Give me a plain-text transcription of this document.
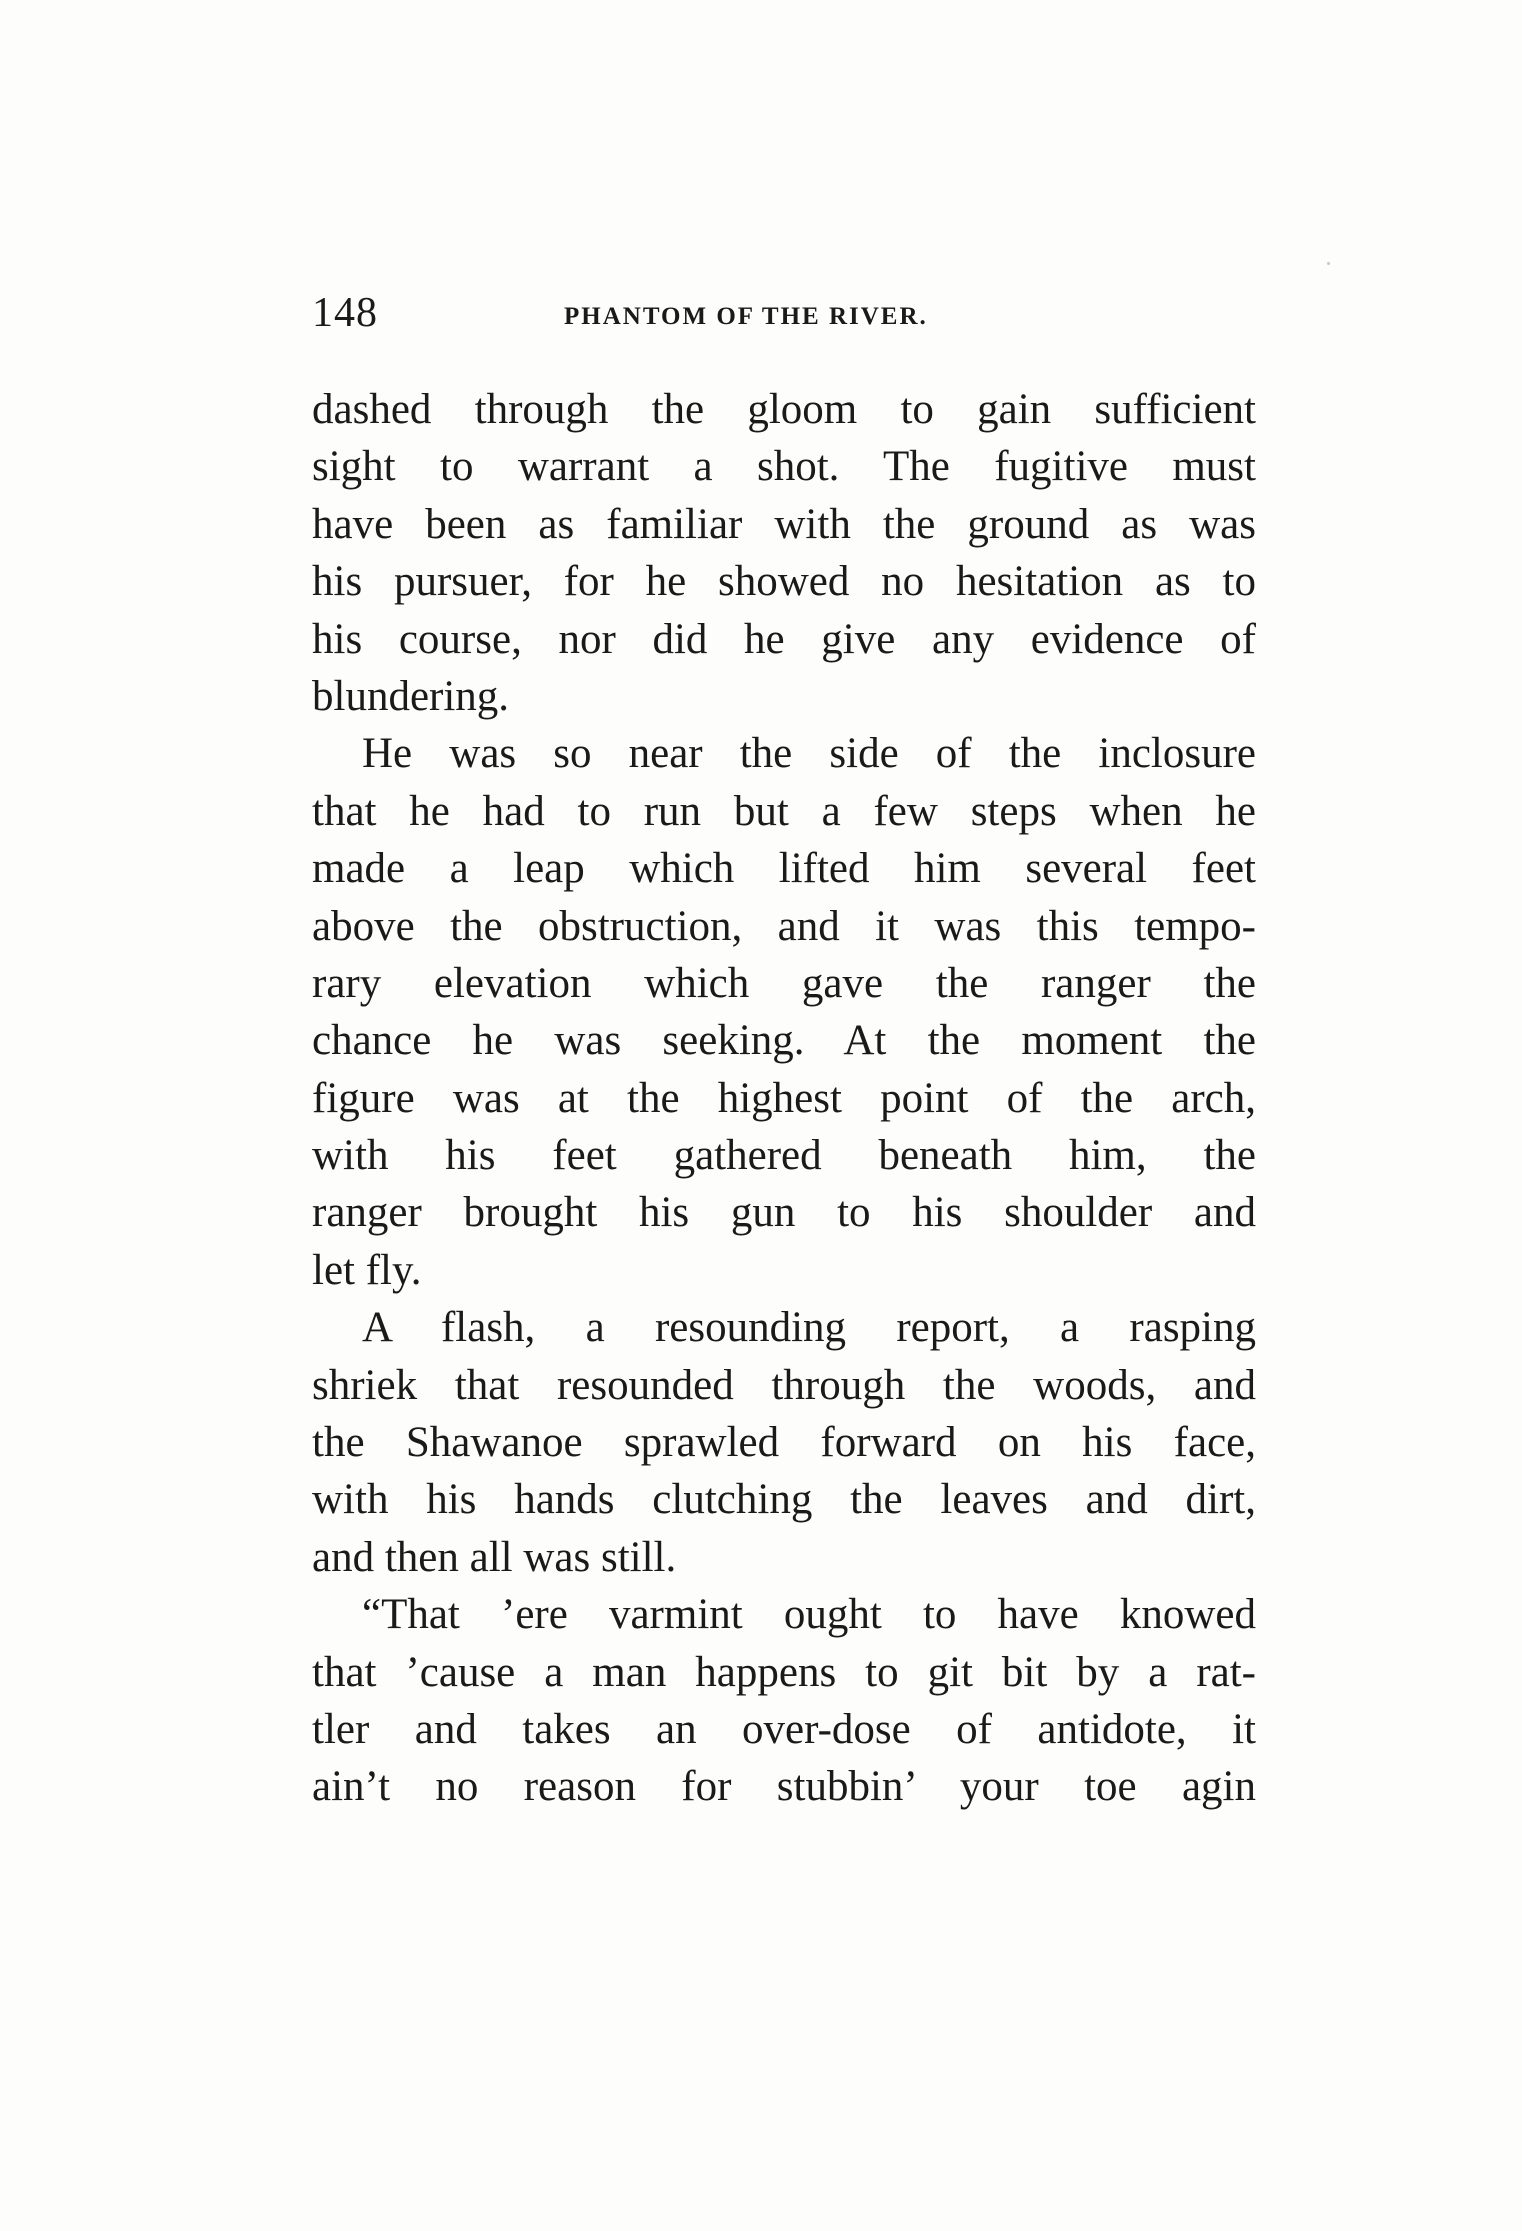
148	PHANTOM OF THE RIVER.
dashed through the gloom to gain sufficient
sight to warrant a shot. The fugitive must
have been as familiar with the ground as was
his pursuer, for he showed no hesitation as to
his course, nor did he give any evidence of
blundering.
He was so near the side of the inclosure
that he had to run but a few steps when he
made a leap which lifted him several feet
above the obstruction, and it was this tempo-
rary elevation which gave the ranger the
chance he was seeking. At the moment the
figure was at the highest point of the arch,
with his feet gathered beneath him, the
ranger brought his gun to his shoulder and
let fly.
A flash, a resounding report, a rasping
shriek that resounded through the woods, and
the Shawanoe sprawled forward on his face,
with his hands clutching the leaves and dirt,
and then all was still.
“That ’ere varmint ought to have knowed
that ’cause a man happens to git bit by a rat-
tler and takes an over-dose of antidote, it
ain’t no reason for stubbin’ your toe agin
